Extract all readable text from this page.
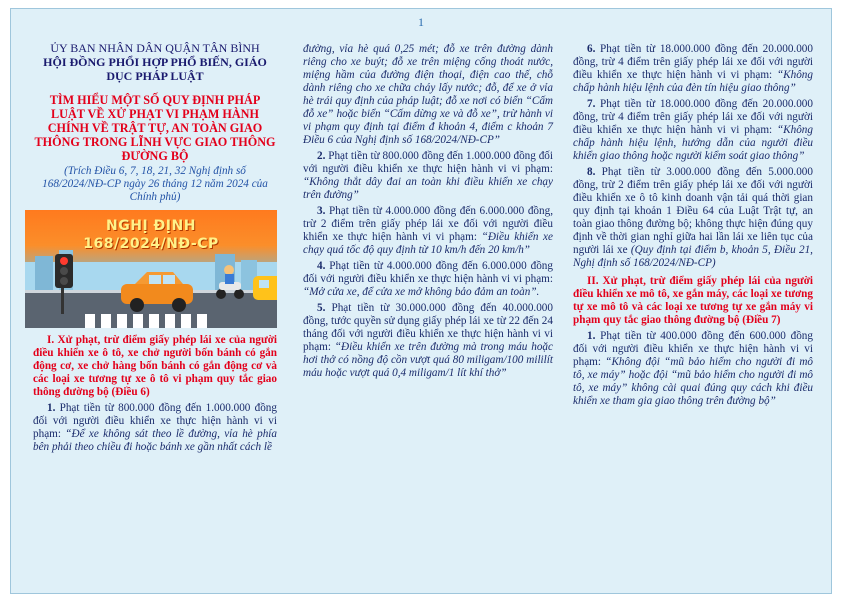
1

ỦY BAN NHÂN DÂN QUẬN TÂN BÌNH

HỘI ĐỒNG PHỔI HỢP PHỔ BIẾN, GIÁO DỤC PHÁP LUẬT

TÌM HIỂU MỘT SỐ QUY ĐỊNH PHÁP LUẬT VỀ XỬ PHẠT VI PHẠM HÀNH CHÍNH VỀ TRẬT TỰ, AN TOÀN GIAO THÔNG TRONG LĨNH VỰC GIAO THÔNG ĐƯỜNG BỘ

(Trích Điều 6, 7, 18, 21, 32 Nghị định số 168/2024/NĐ-CP ngày 26 tháng 12 năm 2024 của Chính phủ)

NGHỊ ĐỊNH
168/2024/NĐ-CP

I. Xử phạt, trừ điểm giấy phép lái xe của người điều khiển xe ô tô, xe chở người bốn bánh có gắn động cơ, xe chở hàng bốn bánh có gắn động cơ và các loại xe tương tự xe ô tô vi phạm quy tắc giao thông đường bộ (Điều 6)

1. Phạt tiền từ 800.000 đồng đến 1.000.000 đồng đối với người điều khiển xe thực hiện hành vi vi phạm: “Để xe không sát theo lề đường, vỉa hè phía bên phải theo chiều đi hoặc bánh xe gần nhất cách lề

đường, vỉa hè quá 0,25 mét; đỗ xe trên đường dành riêng cho xe buýt; đỗ xe trên miệng cống thoát nước, miệng hầm của đường điện thoại, điện cao thế, chỗ dành riêng cho xe chữa cháy lấy nước; đỗ, để xe ở vỉa hè trái quy định của pháp luật; đỗ xe nơi có biển “Cấm đỗ xe” hoặc biển “Cấm dừng xe và đỗ xe”, trừ hành vi vi phạm quy định tại điểm đ khoản 4, điểm c khoản 7 Điều 6 của Nghị định số 168/2024/NĐ-CP”

2. Phạt tiền từ 800.000 đồng đến 1.000.000 đồng đối với người điều khiển xe thực hiện hành vi vi phạm: “Không thắt dây đai an toàn khi điều khiển xe chạy trên đường”

3. Phạt tiền từ 4.000.000 đồng đến 6.000.000 đồng, trừ 2 điểm trên giấy phép lái xe đối với người điều khiển xe thực hiện hành vi vi phạm: “Điều khiển xe chạy quá tốc độ quy định từ 10 km/h đến 20 km/h”

4. Phạt tiền từ 4.000.000 đồng đến 6.000.000 đồng đối với người điều khiển xe thực hiện hành vi vi phạm: “Mở cửa xe, để cửa xe mở không bảo đảm an toàn”.

5. Phạt tiền từ 30.000.000 đồng đến 40.000.000 đồng, tước quyền sử dụng giấy phép lái xe từ 22 đến 24 tháng đối với người điều khiển xe thực hiện hành vi vi phạm: “Điều khiển xe trên đường mà trong máu hoặc hơi thở có nồng độ cồn vượt quá 80 miligam/100 mililít máu hoặc vượt quá 0,4 miligam/1 lít khí thở”

6. Phạt tiền từ 18.000.000 đồng đến 20.000.000 đồng, trừ 4 điểm trên giấy phép lái xe đối với người điều khiển xe thực hiện hành vi vi phạm: “Không chấp hành hiệu lệnh của đèn tín hiệu giao thông”

7. Phạt tiền từ 18.000.000 đồng đến 20.000.000 đồng, trừ 4 điểm trên giấy phép lái xe đối với người điều khiển xe thực hiện hành vi vi phạm: “Không chấp hành hiệu lệnh, hướng dẫn của người điều khiển giao thông hoặc người kiểm soát giao thông”

8. Phạt tiền từ 3.000.000 đồng đến 5.000.000 đồng, trừ 2 điểm trên giấy phép lái xe đối với người điều khiển xe ô tô kinh doanh vận tải quá thời gian quy định tại khoản 1 Điều 64 của Luật Trật tự, an toàn giao thông đường bộ; không thực hiện đúng quy định về thời gian nghỉ giữa hai lần lái xe liên tục của người lái xe (Quy định tại điểm b, khoản 5, Điều 21, Nghị định số 168/2024/NĐ-CP)

II. Xử phạt, trừ điểm giấy phép lái của người điều khiển xe mô tô, xe gắn máy, các loại xe tương tự xe mô tô và các loại xe tương tự xe gắn máy vi phạm quy tắc giao thông đường bộ (Điều 7)

1. Phạt tiền từ 400.000 đồng đến 600.000 đồng đối với người điều khiển xe thực hiện hành vi vi phạm: “Không đội “mũ bảo hiểm cho người đi mô tô, xe máy” hoặc đội “mũ bảo hiểm cho người đi mô tô, xe máy” không cài quai đúng quy cách khi điều khiển xe tham gia giao thông trên đường bộ”
